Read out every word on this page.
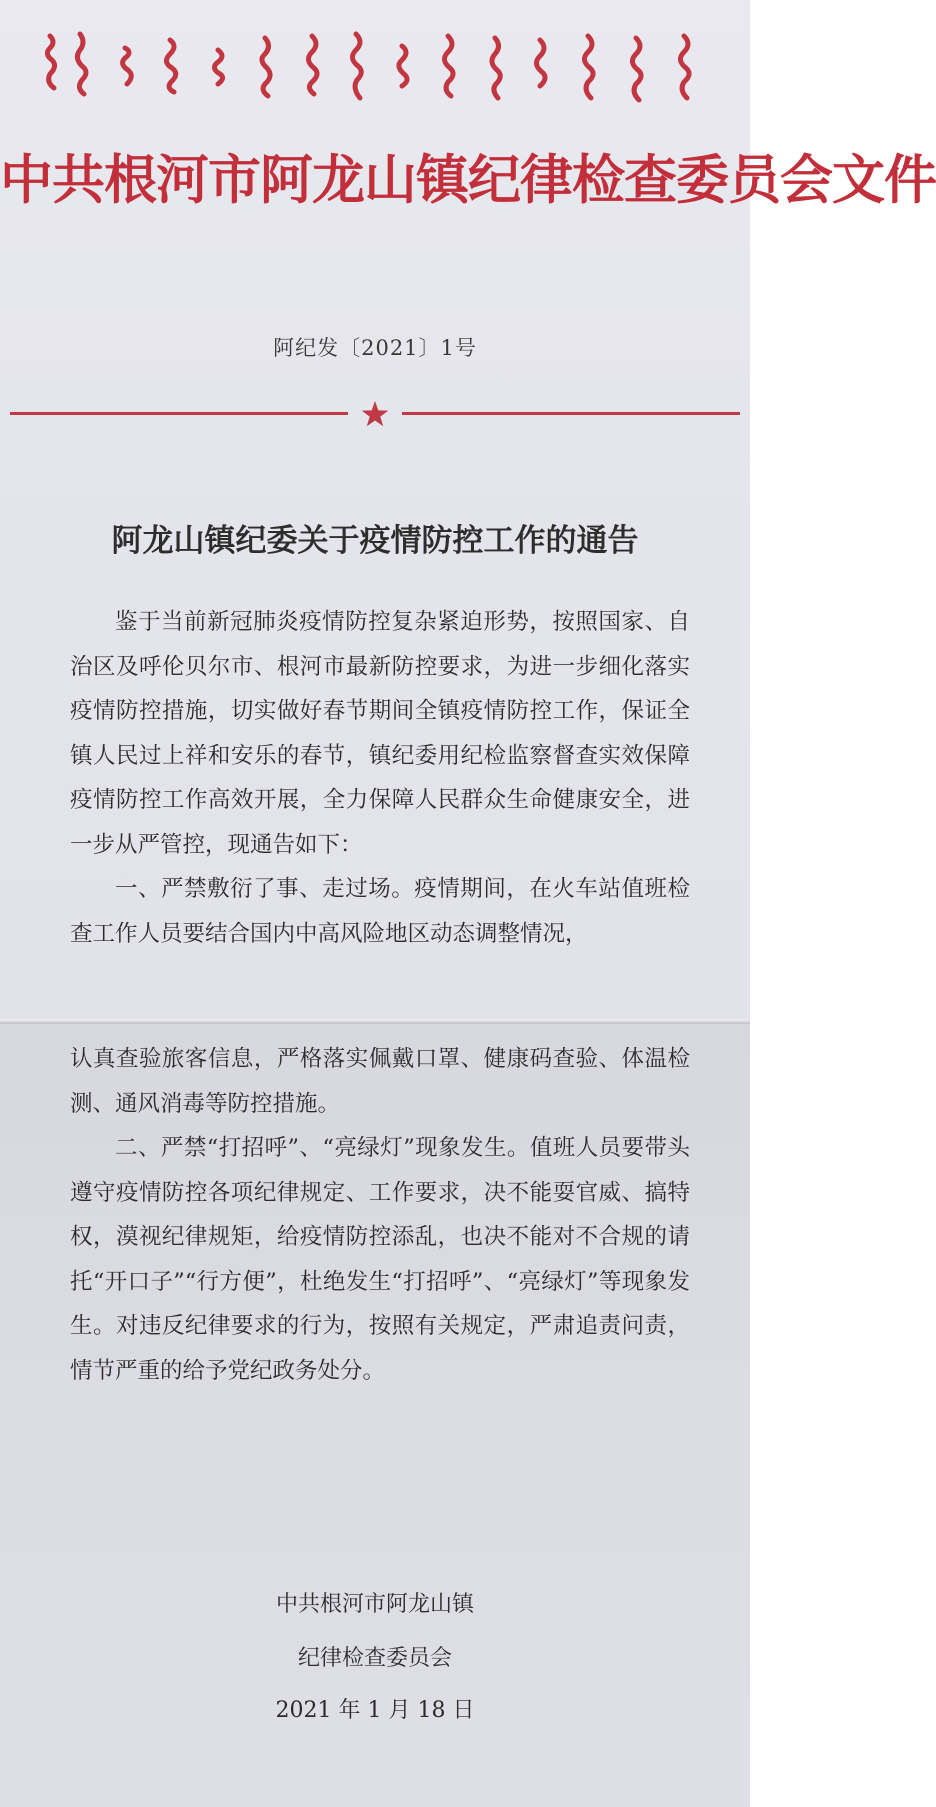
中共根河市阿龙山镇纪律检查委员会文件
阿纪发〔2021〕1号
阿龙山镇纪委关于疫情防控工作的通告

鉴于当前新冠肺炎疫情防控复杂紧迫形势，按照国家、自治区及呼伦贝尔市、根河市最新防控要求，为进一步细化落实疫情防控措施，切实做好春节期间全镇疫情防控工作，保证全镇人民过上祥和安乐的春节，镇纪委用纪检监察督查实效保障疫情防控工作高效开展，全力保障人民群众生命健康安全，进一步从严管控，现通告如下：

一、严禁敷衍了事、走过场。疫情期间，在火车站值班检查工作人员要结合国内中高风险地区动态调整情况，

认真查验旅客信息，严格落实佩戴口罩、健康码查验、体温检测、通风消毒等防控措施。

二、严禁“打招呼”、“亮绿灯”现象发生。值班人员要带头遵守疫情防控各项纪律规定、工作要求，决不能耍官威、搞特权，漠视纪律规矩，给疫情防控添乱，也决不能对不合规的请托“开口子”“行方便”，杜绝发生“打招呼”、“亮绿灯”等现象发生。对违反纪律要求的行为，按照有关规定，严肃追责问责，情节严重的给予党纪政务处分。

中共根河市阿龙山镇
纪律检查委员会
2021 年 1 月 18 日
